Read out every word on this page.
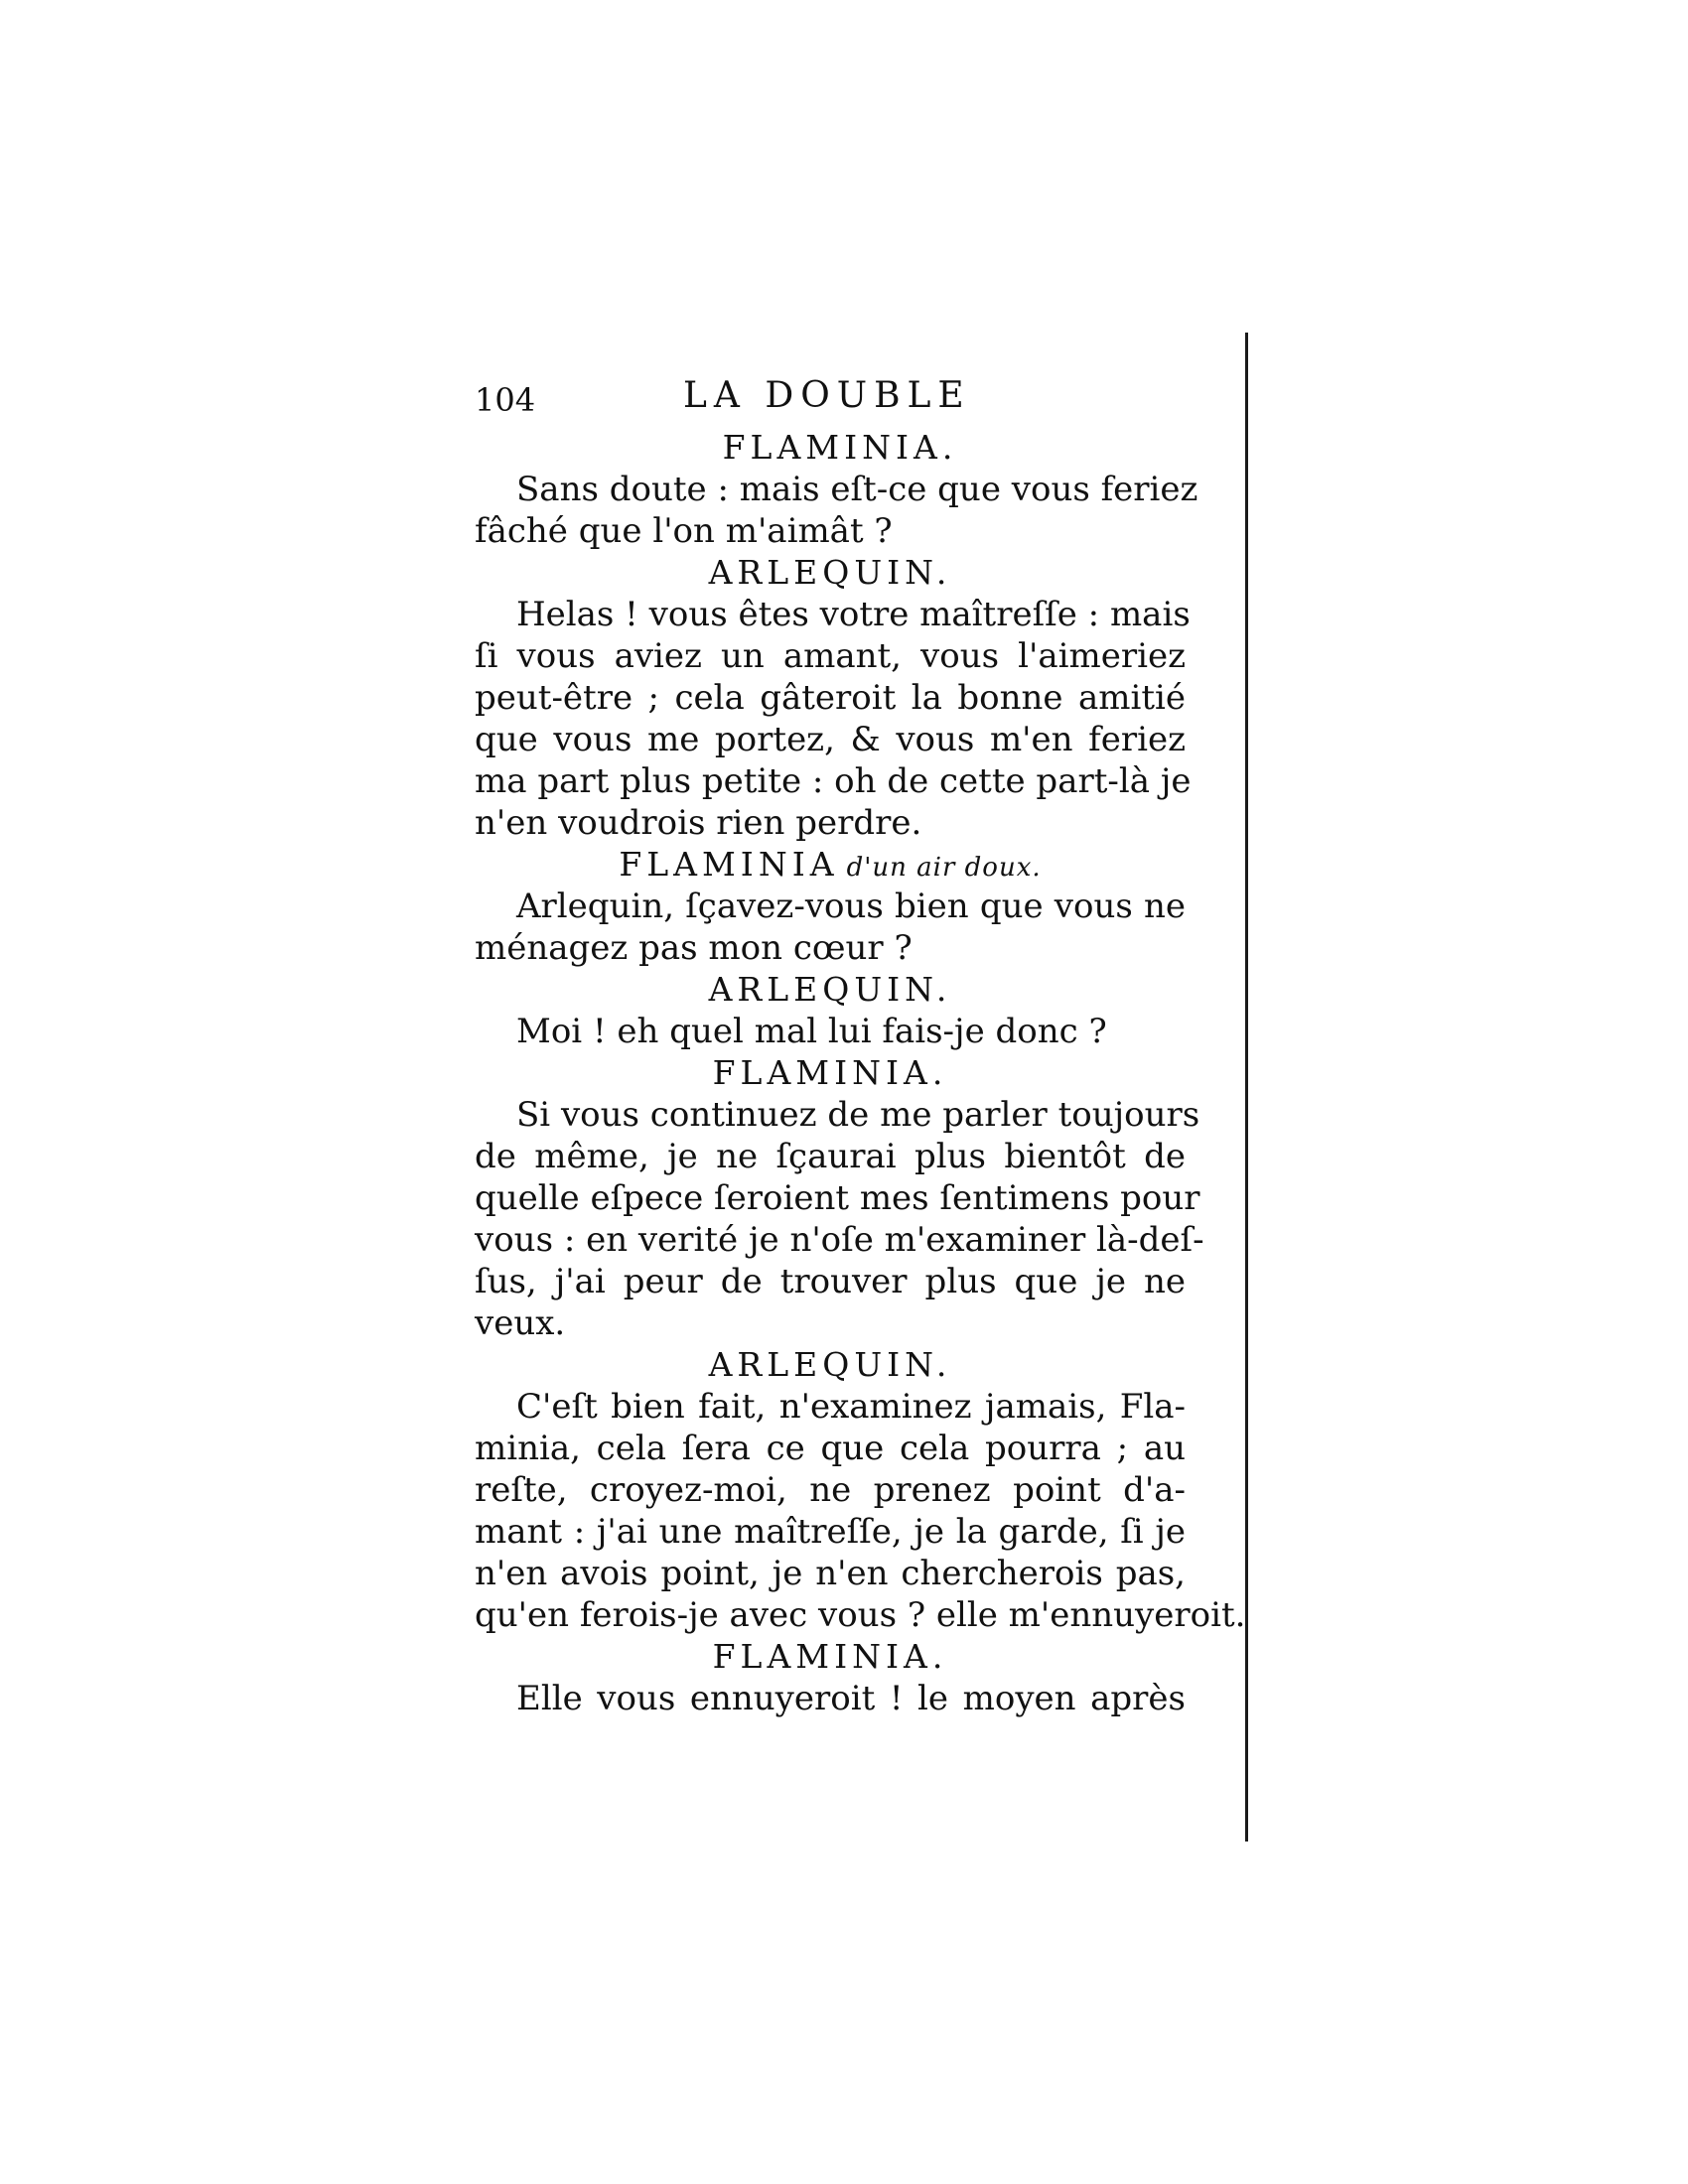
104	LA DOUBLE
FLAMINIA.
Sans doute : mais eſt-ce que vous feriez
fâché que l'on m'aimât ?
ARLEQUIN.
Helas ! vous êtes votre maîtreſſe : mais
ſi vous aviez un amant, vous l'aimeriez
peut-être ; cela gâteroit la bonne amitié
que vous me portez, & vous m'en feriez
ma part plus petite : oh de cette part-là je
n'en voudrois rien perdre.
FLAMINIA d'un air doux.
Arlequin, ſçavez-vous bien que vous ne
ménagez pas mon cœur ?
ARLEQUIN.
Moi ! eh quel mal lui fais-je donc ?
FLAMINIA.
Si vous continuez de me parler toujours
de même, je ne ſçaurai plus bientôt de
quelle eſpece ſeroient mes ſentimens pour
vous : en verité je n'oſe m'examiner là-deſ-
ſus, j'ai peur de trouver plus que je ne
veux.
ARLEQUIN.
C'eſt bien fait, n'examinez jamais, Fla-
minia, cela ſera ce que cela pourra ; au
reſte, croyez-moi, ne prenez point d'a-
mant : j'ai une maîtreſſe, je la garde, ſi je
n'en avois point, je n'en chercherois pas,
qu'en ferois-je avec vous ? elle m'ennuyeroit.
FLAMINIA.
Elle vous ennuyeroit ! le moyen après
